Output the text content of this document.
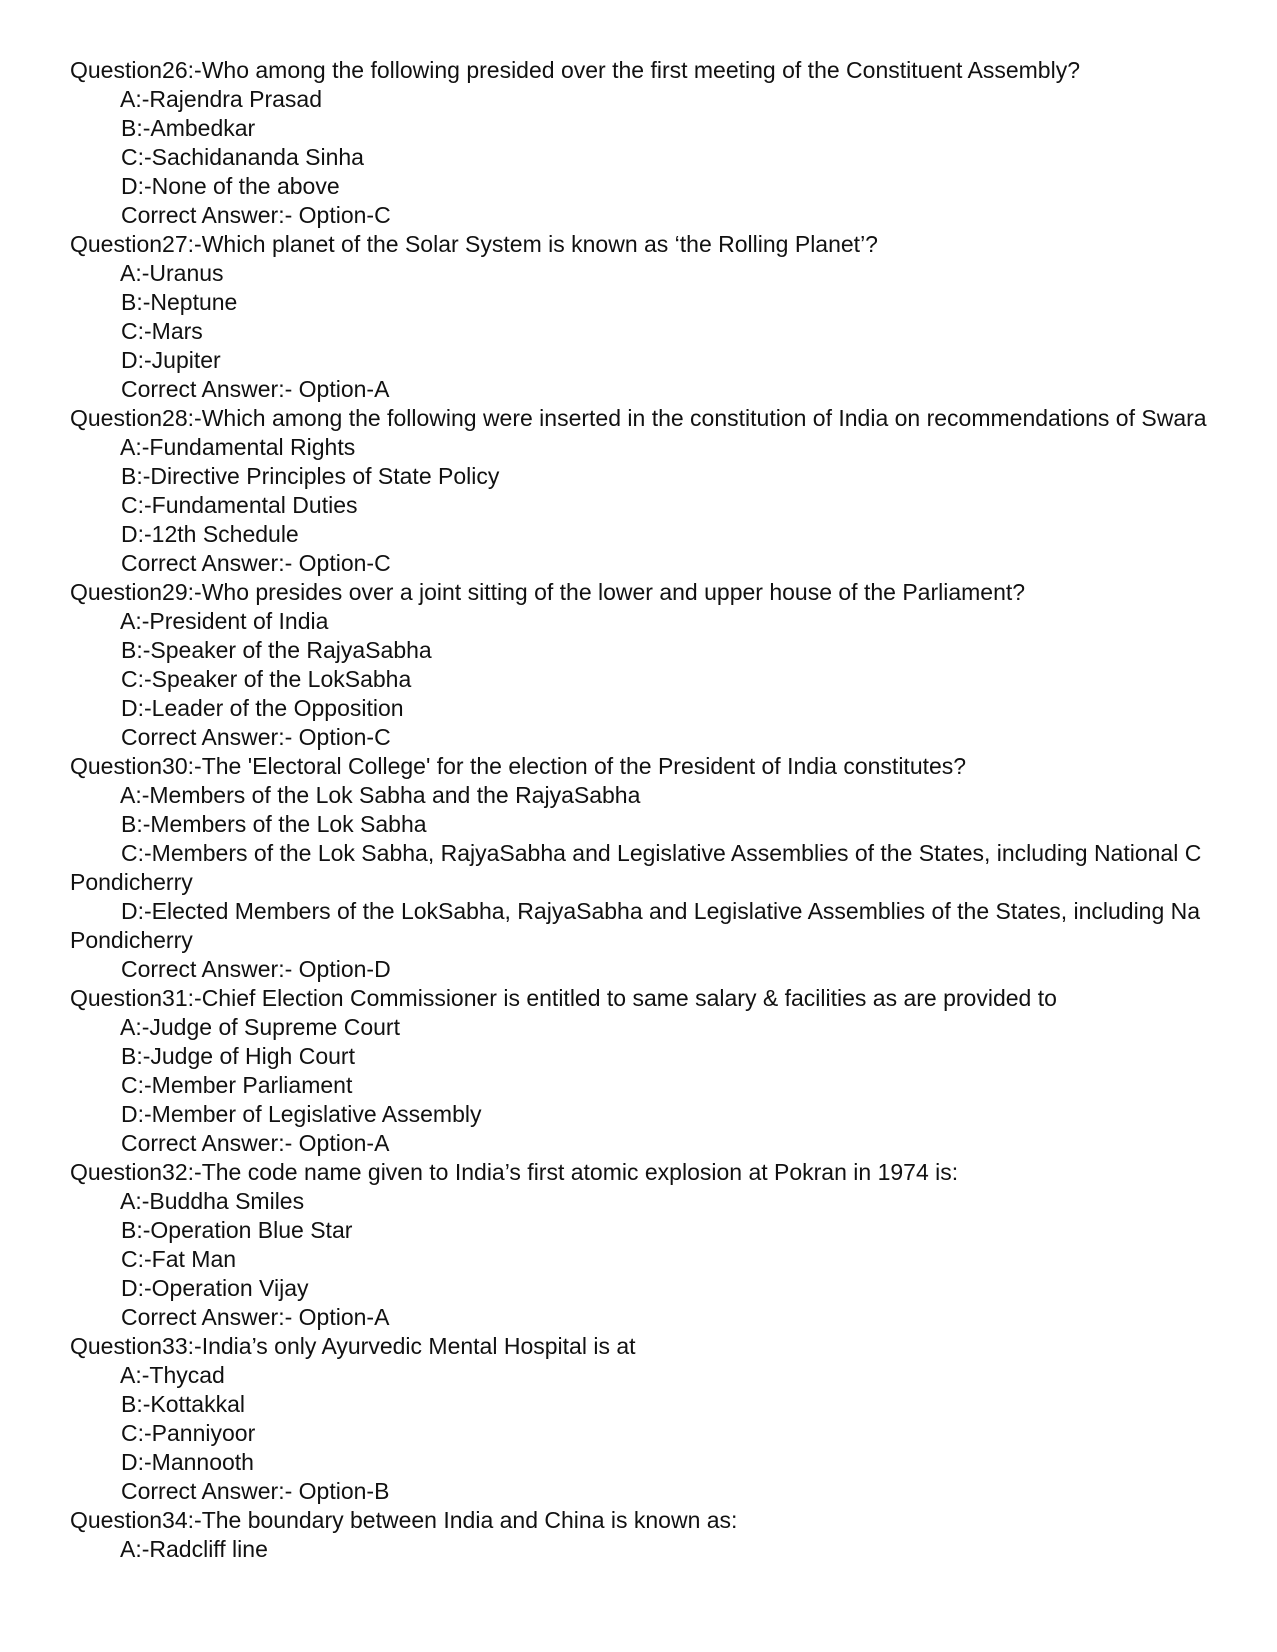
Question26:-Who among the following presided over the first meeting of the Constituent Assembly?
A:-Rajendra Prasad
B:-Ambedkar
C:-Sachidananda Sinha
D:-None of the above
Correct Answer:- Option-C
Question27:-Which planet of the Solar System is known as ‘the Rolling Planet’?
A:-Uranus
B:-Neptune
C:-Mars
D:-Jupiter
Correct Answer:- Option-A
Question28:-Which among the following were inserted in the constitution of India on recommendations of Swara
A:-Fundamental Rights
B:-Directive Principles of State Policy
C:-Fundamental Duties
D:-12th Schedule
Correct Answer:- Option-C
Question29:-Who presides over a joint sitting of the lower and upper house of the Parliament?
A:-President of India
B:-Speaker of the RajyaSabha
C:-Speaker of the LokSabha
D:-Leader of the Opposition
Correct Answer:- Option-C
Question30:-The 'Electoral College' for the election of the President of India constitutes?
A:-Members of the Lok Sabha and the RajyaSabha
B:-Members of the Lok Sabha
C:-Members of the Lok Sabha, RajyaSabha and Legislative Assemblies of the States, including National C
Pondicherry
D:-Elected Members of the LokSabha, RajyaSabha and Legislative Assemblies of the States, including Na
Pondicherry
Correct Answer:- Option-D
Question31:-Chief Election Commissioner is entitled to same salary & facilities as are provided to
A:-Judge of Supreme Court
B:-Judge of High Court
C:-Member Parliament
D:-Member of Legislative Assembly
Correct Answer:- Option-A
Question32:-The code name given to India’s first atomic explosion at Pokran in 1974 is:
A:-Buddha Smiles
B:-Operation Blue Star
C:-Fat Man
D:-Operation Vijay
Correct Answer:- Option-A
Question33:-India’s only Ayurvedic Mental Hospital is at
A:-Thycad
B:-Kottakkal
C:-Panniyoor
D:-Mannooth
Correct Answer:- Option-B
Question34:-The boundary between India and China is known as:
A:-Radcliff line
